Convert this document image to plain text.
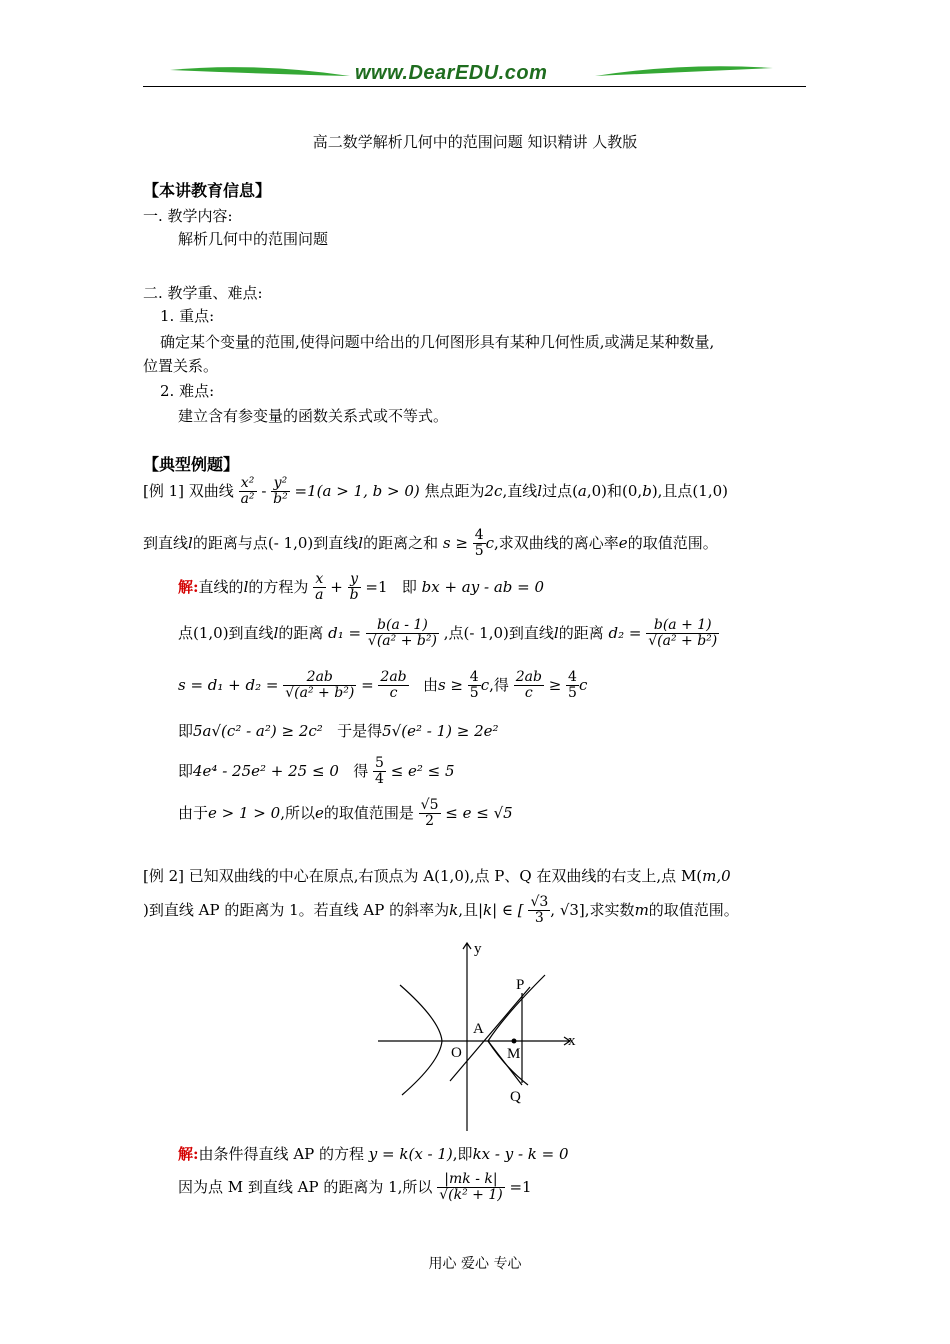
www.DearEDU.com
高二数学解析几何中的范围问题 知识精讲 人教版
【本讲教育信息】
一. 教学内容:
解析几何中的范围问题
二. 教学重、难点:
1. 重点:
确定某个变量的范围,使得问题中给出的几何图形具有某种几何性质,或满足某种数量,
位置关系。
2. 难点:
建立含有参变量的函数关系式或不等式。
【典型例题】
[例 1] 双曲线 $\frac{\text{x²}}{\text{a²}} - \frac{\text{y²}}{\text{b²}} =1(a > 1$, b > 0) 焦点距为2c,直线l过点(a,0)和(0,b),且点(1,0)
到直线l的距离与点(- 1,0)到直线l的距离之和 $s \ge \frac{4}{5} c$,求双曲线的离心率e的取值范围。
解:直线的l的方程为 $\frac{x}{a} + \frac{y}{b} =1$ 即 bx + ay - ab = 0
点(1,0)到直线l的距离 $d_1 = \frac{b(a - 1)}{\text{√(a² + b²)}}$ ,点(- 1,0)到直线l的距离 $d_2 = \frac{b(a + 1)}{\text{√(a² + b²)}}$
$s = d_1 + d_2 = \frac{2ab}{\text{√(a² + b²)}} = \frac{2ab}{c}$ 由$s \ge \frac{4}{5} c$,得 $\frac{2ab}{c} \ge \frac{4}{5}$ c
即5a√(c² - a²) ≥ 2c² 于是得5√(e² - 1) ≥ 2e²
即4e⁴ - 25e² + 25 ≤ 0 得 $\frac{5}{4} \le e^2 \le 5$
由于e > 1 > 0,所以e的取值范围是 $\frac{√5}{2} \le e \le √5$
[例 2] 已知双曲线的中心在原点,右顶点为 A(1,0),点 P、Q 在双曲线的右支上,点 M(m,0
)到直线 AP 的距离为 1。若直线 AP 的斜率为k,且|k| ∈ [ $\frac{√3}{3}$ , √3],求实数m的取值范围。
y
x
P
A
O	M
Q
解:由条件得直线 AP 的方程 y = k(x - 1),即kx - y - k = 0
因为点 M 到直线 AP 的距离为 1,所以 $\frac{|mk - k|}{\text{√(k² + 1)}} =1$
用心 爱心 专心
